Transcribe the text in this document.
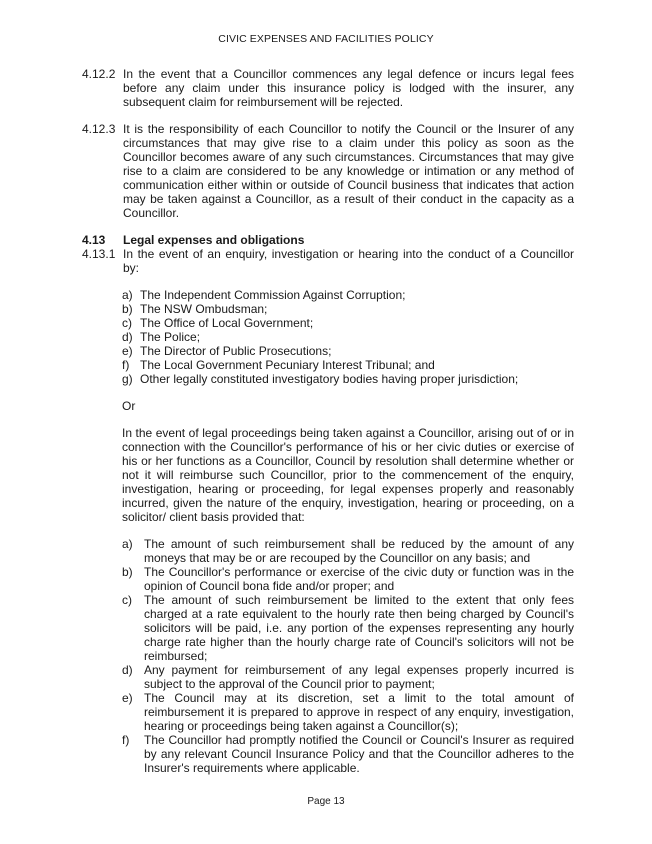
CIVIC EXPENSES AND FACILITIES POLICY
4.12.2 In the event that a Councillor commences any legal defence or incurs legal fees before any claim under this insurance policy is lodged with the insurer, any subsequent claim for reimbursement will be rejected.
4.12.3 It is the responsibility of each Councillor to notify the Council or the Insurer of any circumstances that may give rise to a claim under this policy as soon as the Councillor becomes aware of any such circumstances. Circumstances that may give rise to a claim are considered to be any knowledge or intimation or any method of communication either within or outside of Council business that indicates that action may be taken against a Councillor, as a result of their conduct in the capacity as a Councillor.
4.13	Legal expenses and obligations
4.13.1 In the event of an enquiry, investigation or hearing into the conduct of a Councillor by:
a) The Independent Commission Against Corruption;
b) The NSW Ombudsman;
c) The Office of Local Government;
d) The Police;
e) The Director of Public Prosecutions;
f) The Local Government Pecuniary Interest Tribunal; and
g) Other legally constituted investigatory bodies having proper jurisdiction;
Or
In the event of legal proceedings being taken against a Councillor, arising out of or in connection with the Councillor's performance of his or her civic duties or exercise of his or her functions as a Councillor, Council by resolution shall determine whether or not it will reimburse such Councillor, prior to the commencement of the enquiry, investigation, hearing or proceeding, for legal expenses properly and reasonably incurred, given the nature of the enquiry, investigation, hearing or proceeding, on a solicitor/ client basis provided that:
a) The amount of such reimbursement shall be reduced by the amount of any moneys that may be or are recouped by the Councillor on any basis; and
b) The Councillor's performance or exercise of the civic duty or function was in the opinion of Council bona fide and/or proper; and
c)	The amount of such reimbursement be limited to the extent that only fees charged at a rate equivalent to the hourly rate then being charged by Council's solicitors will be paid, i.e. any portion of the expenses representing any hourly charge rate higher than the hourly charge rate of Council's solicitors will not be reimbursed;
d) Any payment for reimbursement of any legal expenses properly incurred is subject to the approval of the Council prior to payment;
e) The Council may at its discretion, set a limit to the total amount of reimbursement it is prepared to approve in respect of any enquiry, investigation, hearing or proceedings being taken against a Councillor(s);
f)	The Councillor had promptly notified the Council or Council's Insurer as required by any relevant Council Insurance Policy and that the Councillor adheres to the Insurer's requirements where applicable.
Page 13
